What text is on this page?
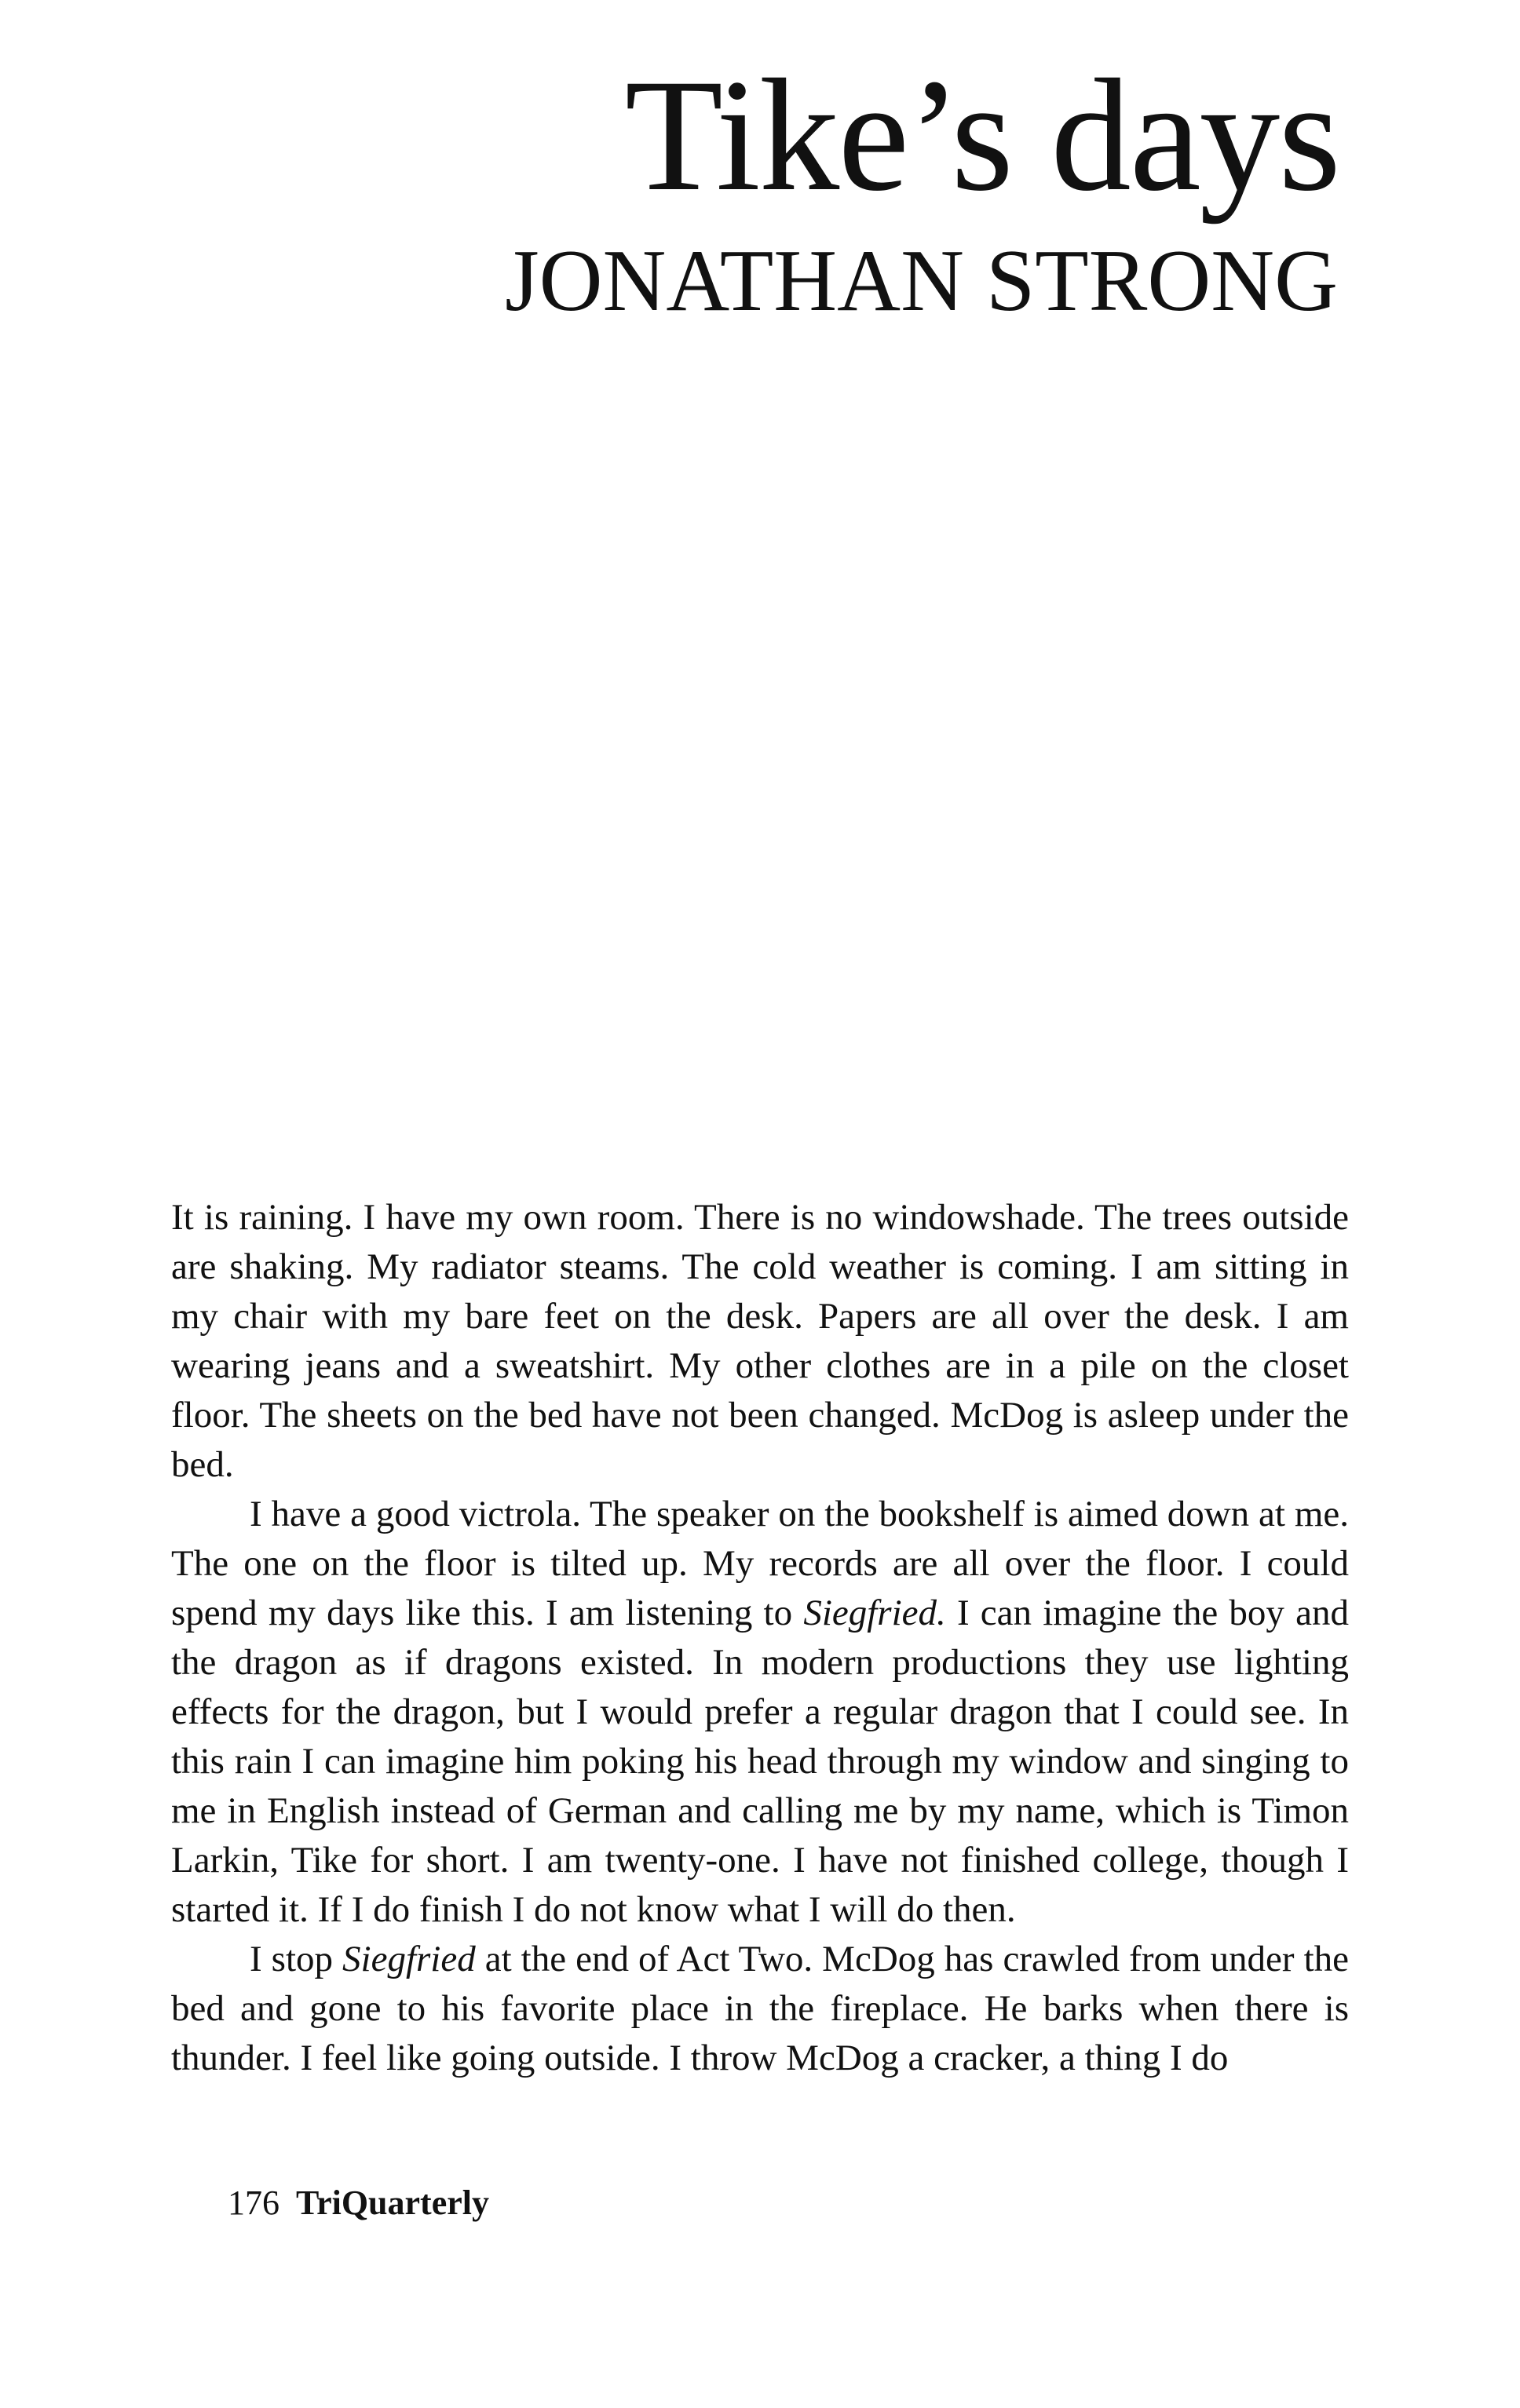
Tike’s days
JONATHAN STRONG

It is raining. I have my own room. There is no windowshade. The trees outside are shaking. My radiator steams. The cold weather is coming. I am sitting in my chair with my bare feet on the desk. Papers are all over the desk. I am wearing jeans and a sweatshirt. My other clothes are in a pile on the closet floor. The sheets on the bed have not been changed. McDog is asleep under the bed.

I have a good victrola. The speaker on the bookshelf is aimed down at me. The one on the floor is tilted up. My records are all over the floor. I could spend my days like this. I am listening to Siegfried. I can imagine the boy and the dragon as if dragons existed. In modern productions they use lighting effects for the dragon, but I would prefer a regular dragon that I could see. In this rain I can imagine him poking his head through my window and singing to me in English instead of German and calling me by my name, which is Timon Larkin, Tike for short. I am twenty-one. I have not finished college, though I started it. If I do finish I do not know what I will do then.

I stop Siegfried at the end of Act Two. McDog has crawled from under the bed and gone to his favorite place in the fireplace. He barks when there is thunder. I feel like going outside. I throw McDog a cracker, a thing I do

176 TriQuarterly
